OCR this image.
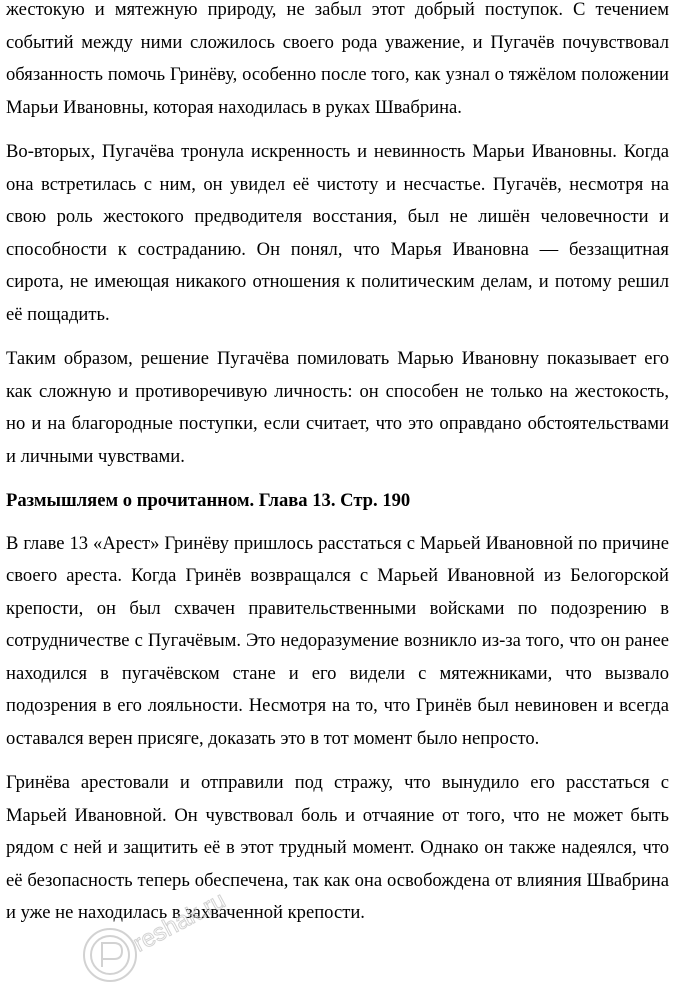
жестокую и мятежную природу, не забыл этот добрый поступок. С течением событий между ними сложилось своего рода уважение, и Пугачёв почувствовал обязанность помочь Гринёву, особенно после того, как узнал о тяжёлом положении Марьи Ивановны, которая находилась в руках Швабрина.

Во-вторых, Пугачёва тронула искренность и невинность Марьи Ивановны. Когда она встретилась с ним, он увидел её чистоту и несчастье. Пугачёв, несмотря на свою роль жестокого предводителя восстания, был не лишён человечности и способности к состраданию. Он понял, что Марья Ивановна — беззащитная сирота, не имеющая никакого отношения к политическим делам, и потому решил её пощадить.

Таким образом, решение Пугачёва помиловать Марью Ивановну показывает его как сложную и противоречивую личность: он способен не только на жестокость, но и на благородные поступки, если считает, что это оправдано обстоятельствами и личными чувствами.

Размышляем о прочитанном. Глава 13. Стр. 190

В главе 13 «Арест» Гринёву пришлось расстаться с Марьей Ивановной по причине своего ареста. Когда Гринёв возвращался с Марьей Ивановной из Белогорской крепости, он был схвачен правительственными войсками по подозрению в сотрудничестве с Пугачёвым. Это недоразумение возникло из-за того, что он ранее находился в пугачёвском стане и его видели с мятежниками, что вызвало подозрения в его лояльности. Несмотря на то, что Гринёв был невиновен и всегда оставался верен присяге, доказать это в тот момент было непросто.

Гринёва арестовали и отправили под стражу, что вынудило его расстаться с Марьей Ивановной. Он чувствовал боль и отчаяние от того, что не может быть рядом с ней и защитить её в этот трудный момент. Однако он также надеялся, что её безопасность теперь обеспечена, так как она освобождена от влияния Швабрина и уже не находилась в захваченной крепости.

reshak.ru
